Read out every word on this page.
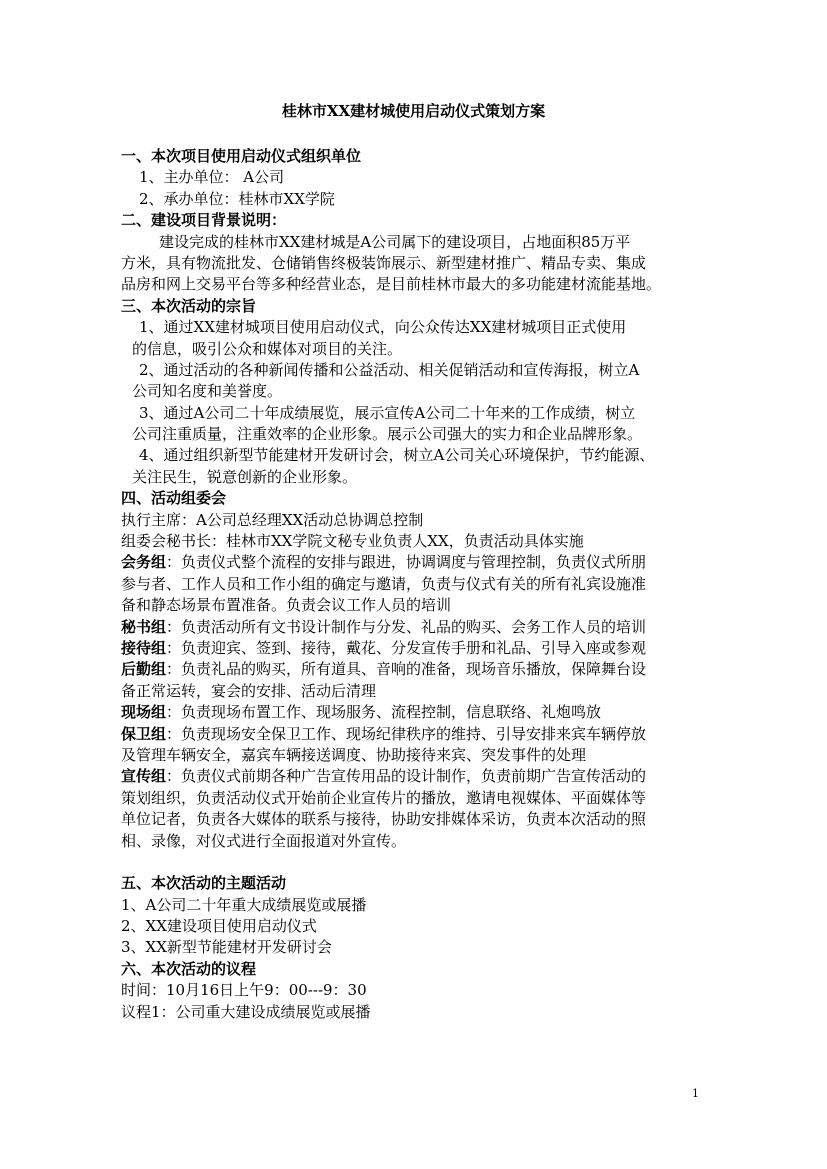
桂林市XX建材城使用启动仪式策划方案
一、本次项目使用启动仪式组织单位
1、主办单位： A公司
2、承办单位：桂林市XX学院
二、建设项目背景说明：
建设完成的桂林市XX建材城是A公司属下的建设项目，占地面积85万平
方米，具有物流批发、仓储销售终极装饰展示、新型建材推广、精品专卖、集成
品房和网上交易平台等多种经营业态，是目前桂林市最大的多功能建材流能基地。
三、本次活动的宗旨
1、通过XX建材城项目使用启动仪式，向公众传达XX建材城项目正式使用
的信息，吸引公众和媒体对项目的关注。
2、通过活动的各种新闻传播和公益活动、相关促销活动和宣传海报，树立A
公司知名度和美誉度。
3、通过A公司二十年成绩展览，展示宣传A公司二十年来的工作成绩，树立
公司注重质量，注重效率的企业形象。展示公司强大的实力和企业品牌形象。
4、通过组织新型节能建材开发研讨会，树立A公司关心环境保护，节约能源、
关注民生，锐意创新的企业形象。
四、活动组委会
执行主席：A公司总经理XX活动总协调总控制
组委会秘书长：桂林市XX学院文秘专业负责人XX，负责活动具体实施
会务组：负责仪式整个流程的安排与跟进，协调调度与管理控制，负责仪式所朋
参与者、工作人员和工作小组的确定与邀请，负责与仪式有关的所有礼宾设施准
备和静态场景布置准备。负责会议工作人员的培训
秘书组：负责活动所有文书设计制作与分发、礼品的购买、会务工作人员的培训
接待组：负责迎宾、签到、接待，戴花、分发宣传手册和礼品、引导入座或参观
后勤组：负责礼品的购买，所有道具、音响的准备，现场音乐播放，保障舞台设
备正常运转，宴会的安排、活动后清理
现场组：负责现场布置工作、现场服务、流程控制，信息联络、礼炮鸣放
保卫组：负责现场安全保卫工作、现场纪律秩序的维持、引导安排来宾车辆停放
及管理车辆安全，嘉宾车辆接送调度、协助接待来宾、突发事件的处理
宣传组：负责仪式前期各种广告宣传用品的设计制作，负责前期广告宣传活动的
策划组织，负责活动仪式开始前企业宣传片的播放，邀请电视媒体、平面媒体等
单位记者，负责各大媒体的联系与接待，协助安排媒体采访，负责本次活动的照
相、录像，对仪式进行全面报道对外宣传。
五、本次活动的主题活动
1、A公司二十年重大成绩展览或展播
2、XX建设项目使用启动仪式
3、XX新型节能建材开发研讨会
六、本次活动的议程
时间：10月16日上午9：00---9：30
议程1：公司重大建设成绩展览或展播
1
